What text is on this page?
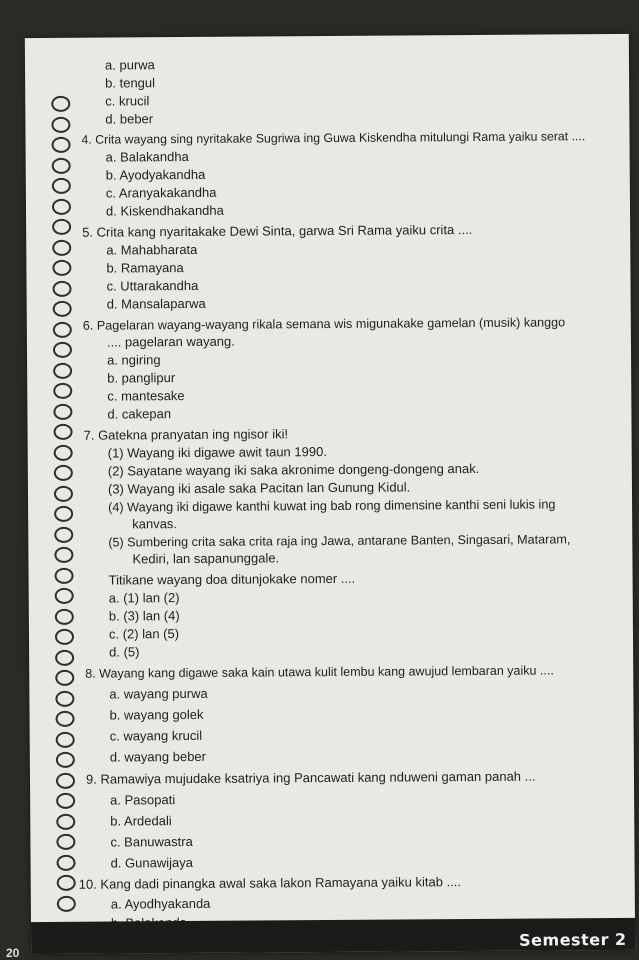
a. purwa
b. tengul
c. krucil
d. beber
4. Crita wayang sing nyritakake Sugriwa ing Guwa Kiskendha mitulungi Rama yaiku serat ....
a. Balakandha
b. Ayodyakandha
c. Aranyakakandha
d. Kiskendhakandha
5. Crita kang nyaritakake Dewi Sinta, garwa Sri Rama yaiku crita ....
a. Mahabharata
b. Ramayana
c. Uttarakandha
d. Mansalaparwa
6. Pagelaran wayang-wayang rikala semana wis migunakake gamelan (musik) kanggo
.... pagelaran wayang.
a. ngiring
b. panglipur
c. mantesake
d. cakepan
7. Gatekna pranyatan ing ngisor iki!
(1) Wayang iki digawe awit taun 1990.
(2) Sayatane wayang iki saka akronime dongeng-dongeng anak.
(3) Wayang iki asale saka Pacitan lan Gunung Kidul.
(4) Wayang iki digawe kanthi kuwat ing bab rong dimensine kanthi seni lukis ing
kanvas.
(5) Sumbering crita saka crita raja ing Jawa, antarane Banten, Singasari, Mataram,
Kediri, lan sapanunggale.
Titikane wayang doa ditunjokake nomer ....
a. (1) lan (2)
b. (3) lan (4)
c. (2) lan (5)
d. (5)
8. Wayang kang digawe saka kain utawa kulit lembu kang awujud lembaran yaiku ....
a. wayang purwa
b. wayang golek
c. wayang krucil
d. wayang beber
9. Ramawiya mujudake ksatriya ing Pancawati kang nduweni gaman panah ...
a. Pasopati
b. Ardedali
c. Banuwastra
d. Gunawijaya
10. Kang dadi pinangka awal saka lakon Ramayana yaiku kitab ....
a. Ayodhyakanda
Semester 2
20
